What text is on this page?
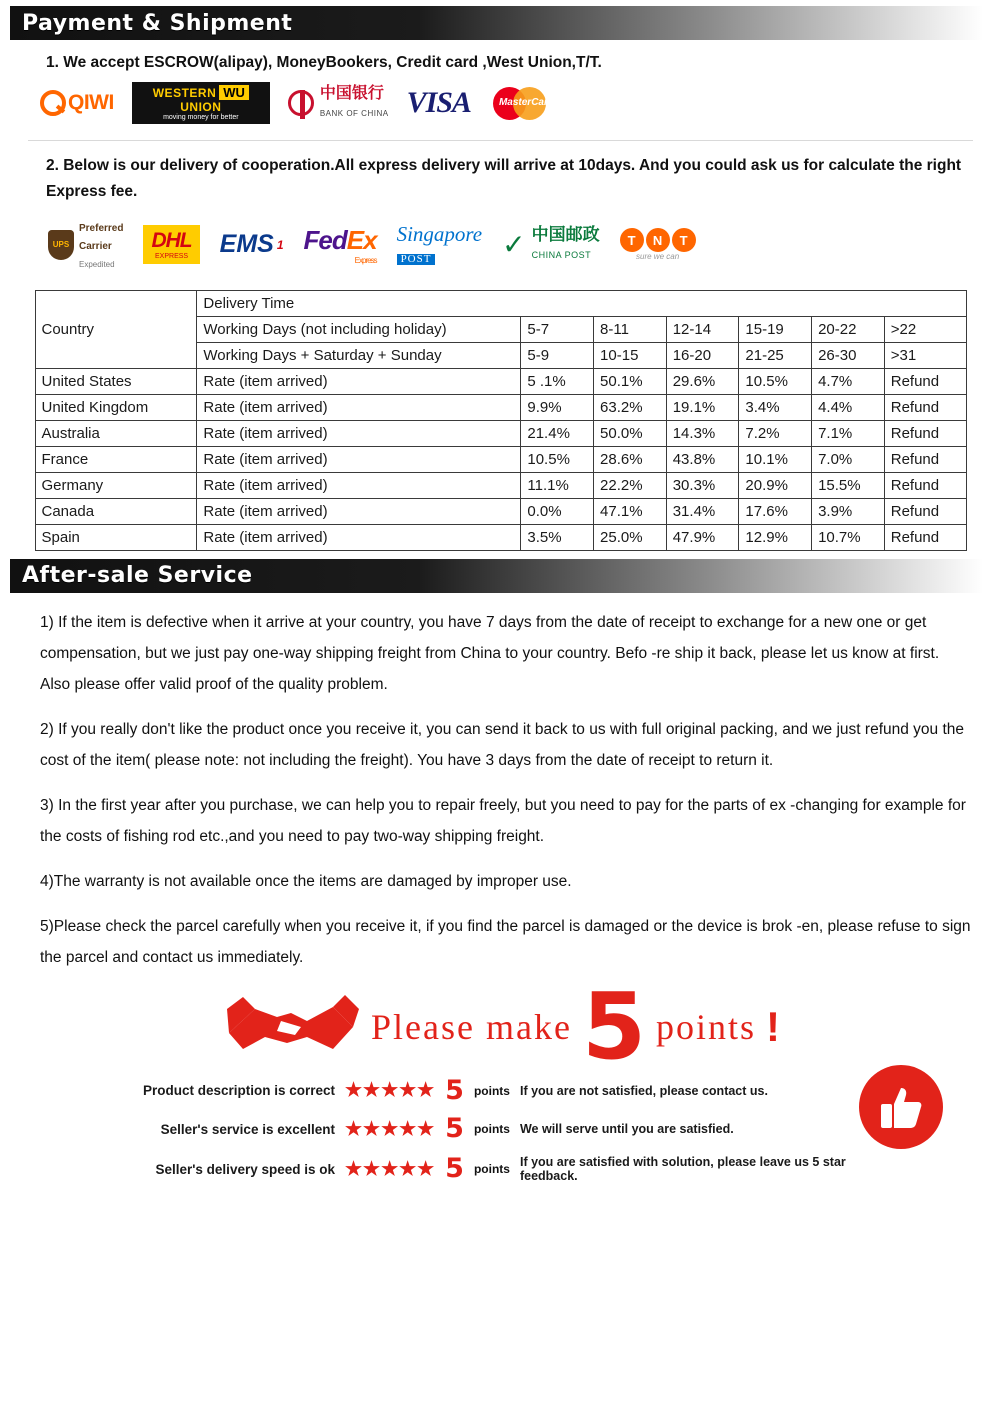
Payment & Shipment
1. We accept ESCROW(alipay), MoneyBookers, Credit card ,West Union,T/T.
QIWI	WESTERN WU
UNION
moving money for better
中国银行
BANK OF CHINA VISA	MasterCard
2. Below is our delivery of cooperation.All express delivery will arrive at 10days. And you could ask us for calculate the right Express fee.
UPS
Preferred
Carrier
Expedited
DHL
EXPRESS EMS 1 FedEx
Express
Singapore
POST	✓ 中国邮政
CHINA POST
T	N	T
sure we can
Country	Delivery Time						
	Working Days (not including holiday)	5-7	8-11	12-14	15-19	20-22	>22
	Working Days + Saturday + Sunday	5-9	10-15	16-20	21-25	26-30	>31
United States	Rate (item arrived)	5 .1%	50.1%	29.6%	10.5%	4.7%	Refund
United Kingdom	Rate (item arrived)	9.9%	63.2%	19.1%	3.4%	4.4%	Refund
Australia	Rate (item arrived)	21.4%	50.0%	14.3%	7.2%	7.1%	Refund
France	Rate (item arrived)	10.5%	28.6%	43.8%	10.1%	7.0%	Refund
Germany	Rate (item arrived)	11.1%	22.2%	30.3%	20.9%	15.5%	Refund
Canada	Rate (item arrived)	0.0%	47.1%	31.4%	17.6%	3.9%	Refund
Spain	Rate (item arrived)	3.5%	25.0%	47.9%	12.9%	10.7%	Refund
After-sale Service

1) If the item is defective when it arrive at your country, you have 7 days from the date of receipt to exchange for a new one or get compensation, but we just pay one-way shipping freight from China to your country. Befo -re ship it back, please let us know at first. Also please offer valid proof of the quality problem.

2) If you really don't like the product once you receive it, you can send it back to us with full original packing, and we just refund you the cost of the item( please note: not including the freight). You have 3 days from the date of receipt to return it.

3) In the first year after you purchase, we can help you to repair freely, but you need to pay for the parts of ex -changing for example for the costs of fishing rod etc.,and you need to pay two-way shipping freight.

4)The warranty is not available once the items are damaged by improper use.

5)Please check the parcel carefully when you receive it, if you find the parcel is damaged or the device is brok -en, please refuse to sign the parcel and contact us immediately.

Please make 5 points !
Product description is correct ★★★★★ 5 points If you are not satisfied, please contact us.
Seller's service is excellent ★★★★★ 5 points We will serve until you are satisfied.
Seller's delivery speed is ok ★★★★★ 5 points If you are satisfied with solution, please leave us 5 star feedback.
